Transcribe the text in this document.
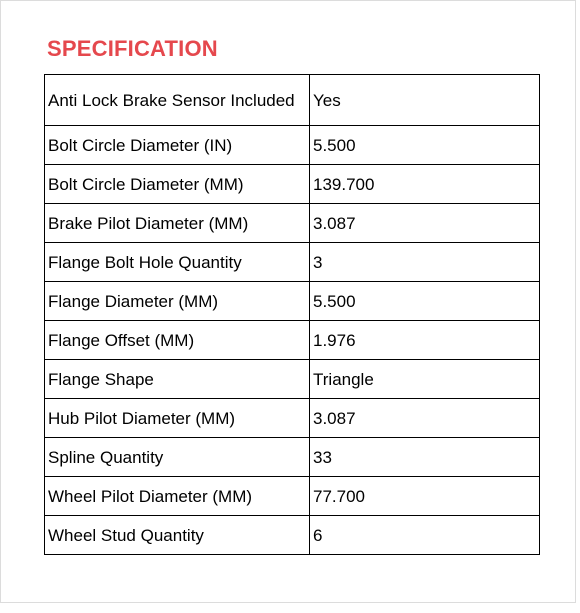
SPECIFICATION
Anti Lock Brake Sensor Included	Yes
Bolt Circle Diameter (IN)	5.500
Bolt Circle Diameter (MM)	139.700
Brake Pilot Diameter (MM)	3.087
Flange Bolt Hole Quantity	3
Flange Diameter (MM)	5.500
Flange Offset (MM)	1.976
Flange Shape	Triangle
Hub Pilot Diameter (MM)	3.087
Spline Quantity	33
Wheel Pilot Diameter (MM)	77.700
Wheel Stud Quantity	6
